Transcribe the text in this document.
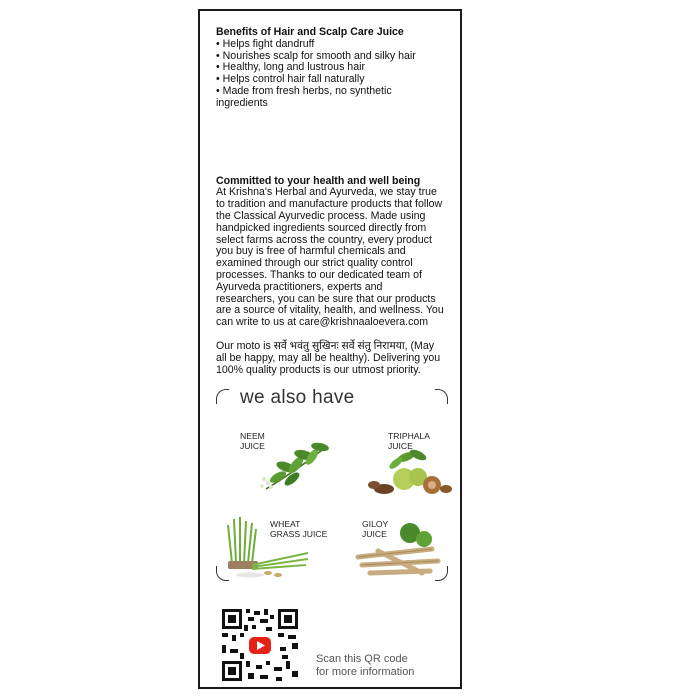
Benefits of Hair and Scalp Care Juice

• Helps fight dandruff
• Nourishes scalp for smooth and silky hair
• Healthy, long and lustrous hair
• Helps control hair fall naturally
• Made from fresh herbs, no synthetic ingredients

Committed to your health and well being

At Krishna's Herbal and Ayurveda, we stay true to tradition and manufacture products that follow the Classical Ayurvedic process. Made using handpicked ingredients sourced directly from select farms across the country, every product you buy is free of harmful chemicals and examined through our strict quality control processes. Thanks to our dedicated team of Ayurveda practitioners, experts and researchers, you can be sure that our products are a source of vitality, health, and wellness. You can write to us at care@krishnaaloevera.com

Our moto is सर्वे भवंतु सुखिनः सर्वे संतु निरामया, (May all be happy, may all be healthy). Delivering you 100% quality products is our utmost priority.

we also have
NEEM
JUICE
TRIPHALA
JUICE
WHEAT
GRASS JUICE
GILOY
JUICE
Scan this QR code
for more information
